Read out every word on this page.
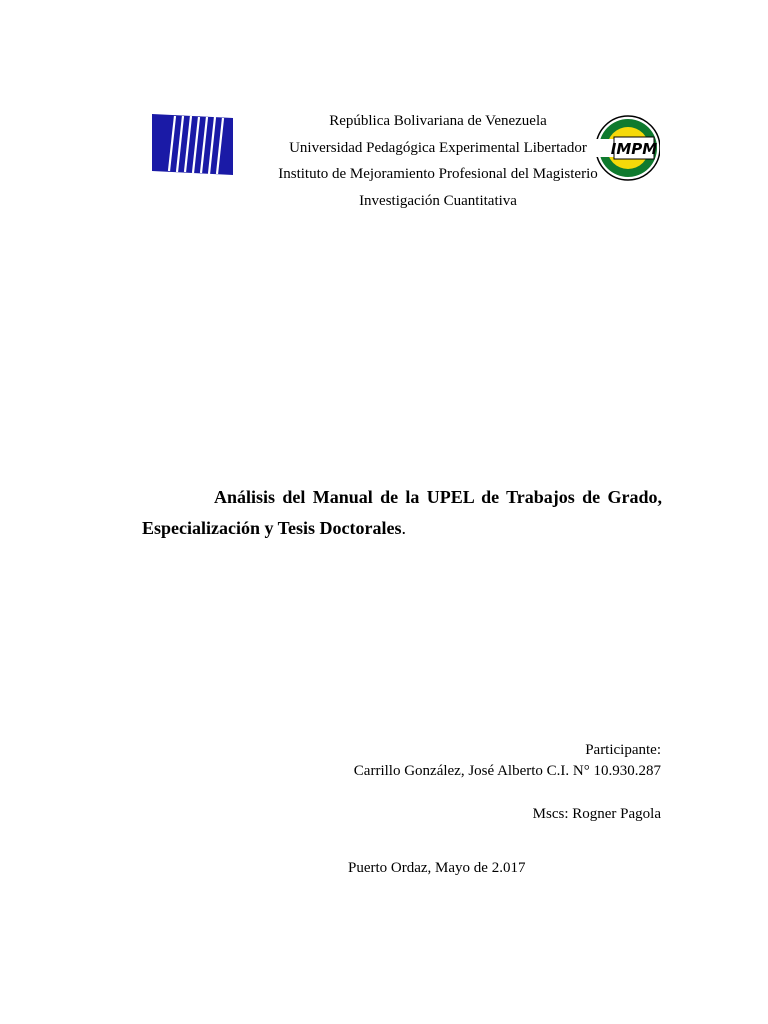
IMPM
República Bolivariana de Venezuela
Universidad Pedagógica Experimental Libertador
Instituto de Mejoramiento Profesional del Magisterio
Investigación Cuantitativa
Análisis del Manual de la UPEL de Trabajos de Grado, Especialización y Tesis Doctorales.
Participante:
Carrillo González, José Alberto C.I. N° 10.930.287
Mscs: Rogner Pagola
Puerto Ordaz, Mayo de 2.017
